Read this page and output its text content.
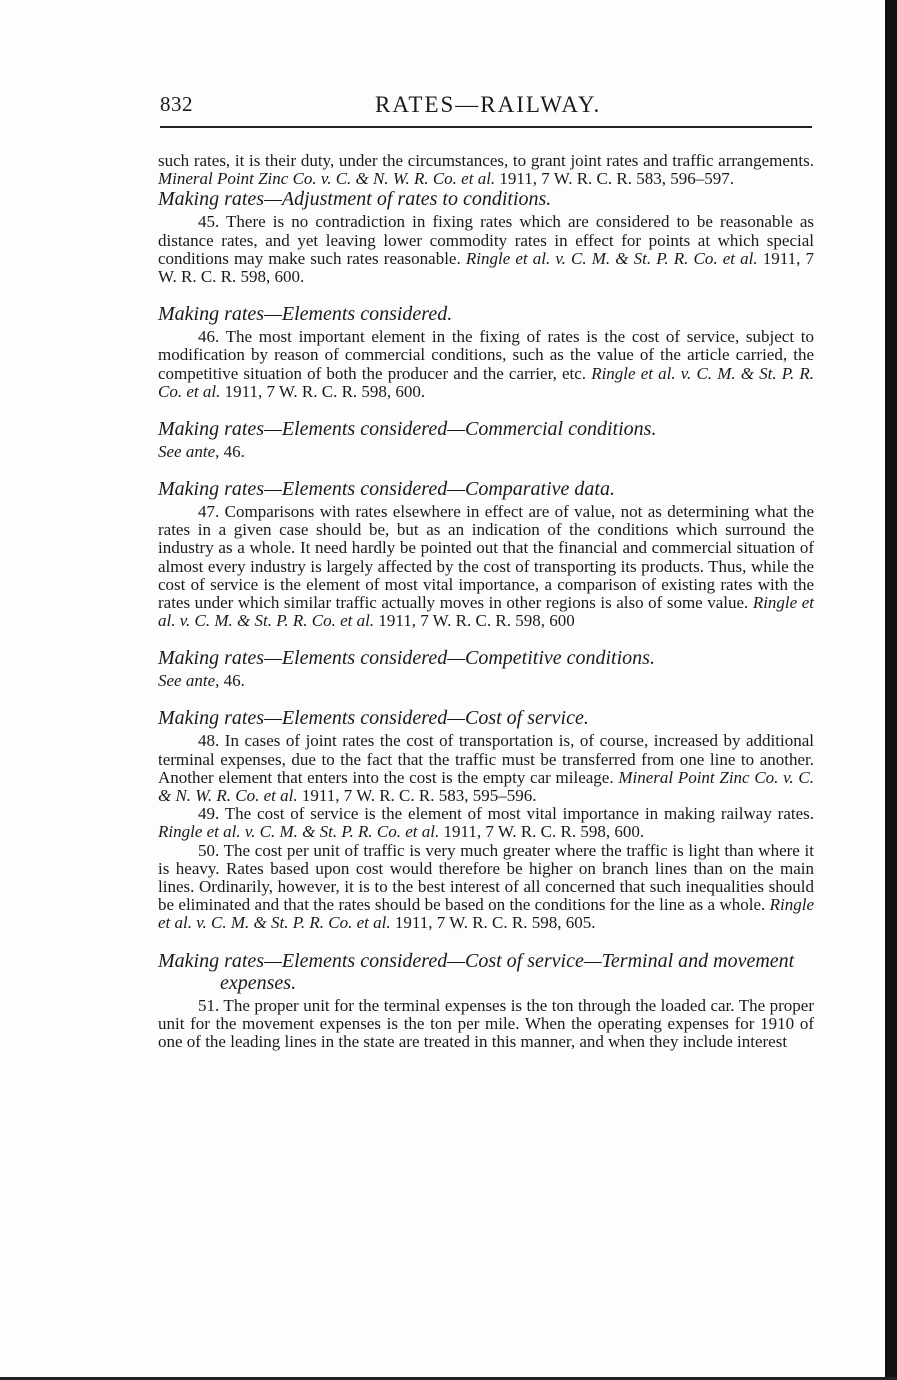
832	RATES—RAILWAY.

such rates, it is their duty, under the circumstances, to grant joint rates and traffic arrangements. Mineral Point Zinc Co. v. C. & N. W. R. Co. et al. 1911, 7 W. R. C. R. 583, 596–597.

Making rates—Adjustment of rates to conditions.

45. There is no contradiction in fixing rates which are considered to be reasonable as distance rates, and yet leaving lower commodity rates in effect for points at which special conditions may make such rates reasonable. Ringle et al. v. C. M. & St. P. R. Co. et al. 1911, 7 W. R. C. R. 598, 600.

Making rates—Elements considered.

46. The most important element in the fixing of rates is the cost of service, subject to modification by reason of commercial conditions, such as the value of the article carried, the competitive situation of both the producer and the carrier, etc. Ringle et al. v. C. M. & St. P. R. Co. et al. 1911, 7 W. R. C. R. 598, 600.

Making rates—Elements considered—Commercial conditions.

See ante, 46.

Making rates—Elements considered—Comparative data.

47. Comparisons with rates elsewhere in effect are of value, not as determining what the rates in a given case should be, but as an indication of the conditions which surround the industry as a whole. It need hardly be pointed out that the financial and commercial situation of almost every industry is largely affected by the cost of transporting its products. Thus, while the cost of service is the element of most vital importance, a comparison of existing rates with the rates under which similar traffic actually moves in other regions is also of some value. Ringle et al. v. C. M. & St. P. R. Co. et al. 1911, 7 W. R. C. R. 598, 600

Making rates—Elements considered—Competitive conditions.

See ante, 46.

Making rates—Elements considered—Cost of service.

48. In cases of joint rates the cost of transportation is, of course, increased by additional terminal expenses, due to the fact that the traffic must be transferred from one line to another. Another element that enters into the cost is the empty car mileage. Mineral Point Zinc Co. v. C. & N. W. R. Co. et al. 1911, 7 W. R. C. R. 583, 595–596.

49. The cost of service is the element of most vital importance in making railway rates. Ringle et al. v. C. M. & St. P. R. Co. et al. 1911, 7 W. R. C. R. 598, 600.

50. The cost per unit of traffic is very much greater where the traffic is light than where it is heavy. Rates based upon cost would therefore be higher on branch lines than on the main lines. Ordinarily, however, it is to the best interest of all concerned that such inequalities should be eliminated and that the rates should be based on the conditions for the line as a whole. Ringle et al. v. C. M. & St. P. R. Co. et al. 1911, 7 W. R. C. R. 598, 605.

Making rates—Elements considered—Cost of service—Terminal and movement expenses.

51. The proper unit for the terminal expenses is the ton through the loaded car. The proper unit for the movement expenses is the ton per mile. When the operating expenses for 1910 of one of the leading lines in the state are treated in this manner, and when they include interest
